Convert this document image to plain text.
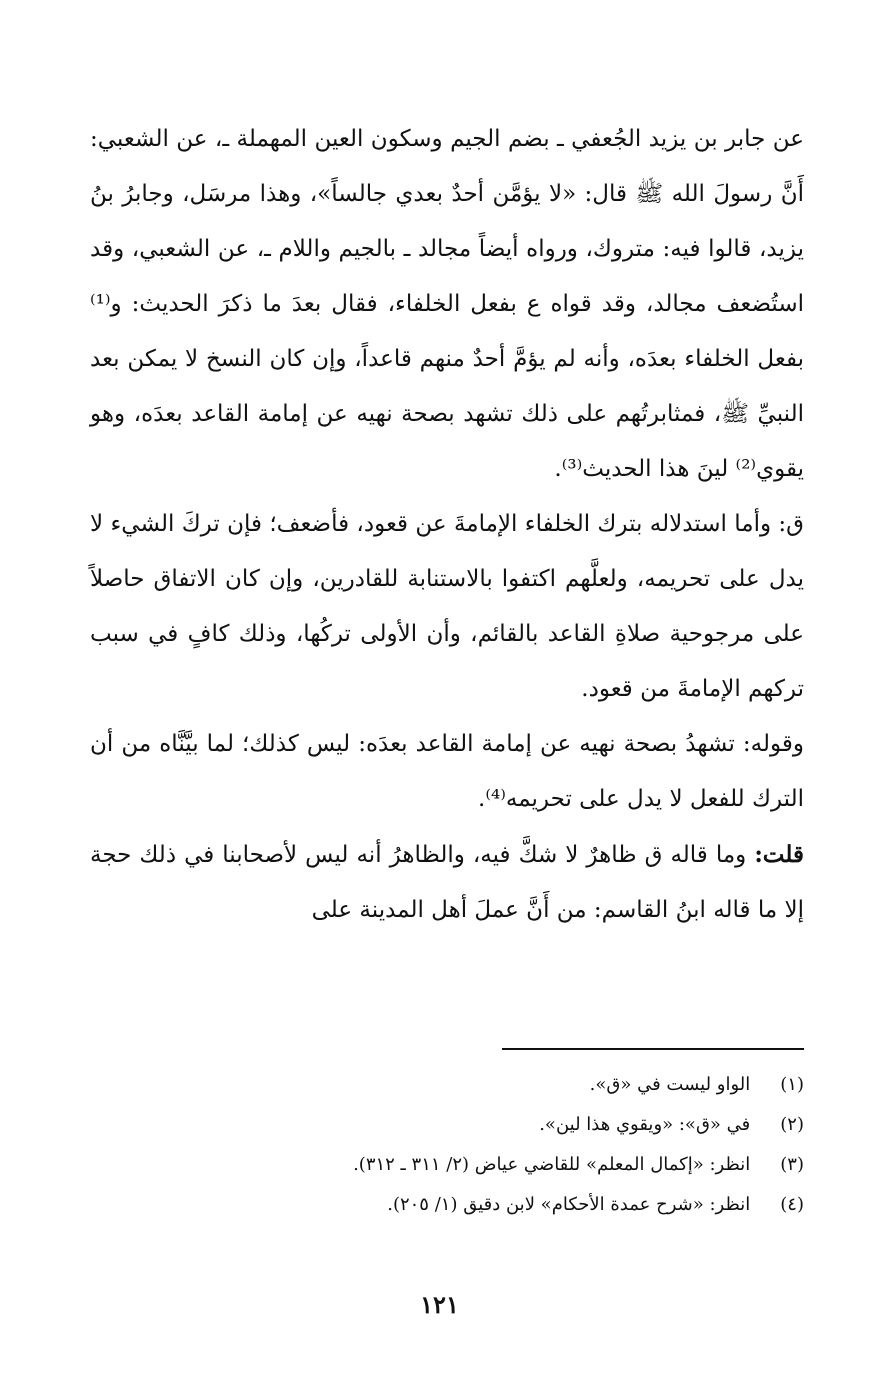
عن جابر بن يزيد الجُعفي ـ بضم الجيم وسكون العين المهملة ـ، عن الشعبي: أَنَّ رسولَ الله ﷺ قال: «لا يؤمَّن أحدٌ بعدي جالساً»، وهذا مرسَل، وجابرُ بنُ يزيد، قالوا فيه: متروك، ورواه أيضاً مجالد ـ بالجيم واللام ـ، عن الشعبي، وقد استُضعف مجالد، وقد قواه ع بفعل الخلفاء، فقال بعدَ ما ذكرَ الحديث: و⁽¹⁾بفعل الخلفاء بعدَه، وأنه لم يؤمَّ أحدٌ منهم قاعداً، وإن كان النسخ لا يمكن بعد النبيِّ ﷺ، فمثابرتُهم على ذلك تشهد بصحة نهيه عن إمامة القاعد بعدَه، وهو يقوي⁽²⁾ لينَ هذا الحديث⁽³⁾.

ق: وأما استدلاله بترك الخلفاء الإمامةَ عن قعود، فأضعف؛ فإن تركَ الشيء لا يدل على تحريمه، ولعلَّهم اكتفوا بالاستنابة للقادرين، وإن كان الاتفاق حاصلاً على مرجوحية صلاةِ القاعد بالقائم، وأن الأولى تركُها، وذلك كافٍ في سبب تركهم الإمامةَ من قعود.

وقوله: تشهدُ بصحة نهيه عن إمامة القاعد بعدَه: ليس كذلك؛ لما بيَّنَّاه من أن الترك للفعل لا يدل على تحريمه⁽⁴⁾.

قلت: وما قاله ق ظاهرٌ لا شكَّ فيه، والظاهرُ أنه ليس لأصحابنا في ذلك حجة إلا ما قاله ابنُ القاسم: من أَنَّ عملَ أهل المدينة على

(١) الواو ليست في «ق».
(٢) في «ق»: «ويقوي هذا لين».
(٣) انظر: «إكمال المعلم» للقاضي عياض (٢/ ٣١١ ـ ٣١٢).
(٤) انظر: «شرح عمدة الأحكام» لابن دقيق (١/ ٢٠٥).
١٢١
